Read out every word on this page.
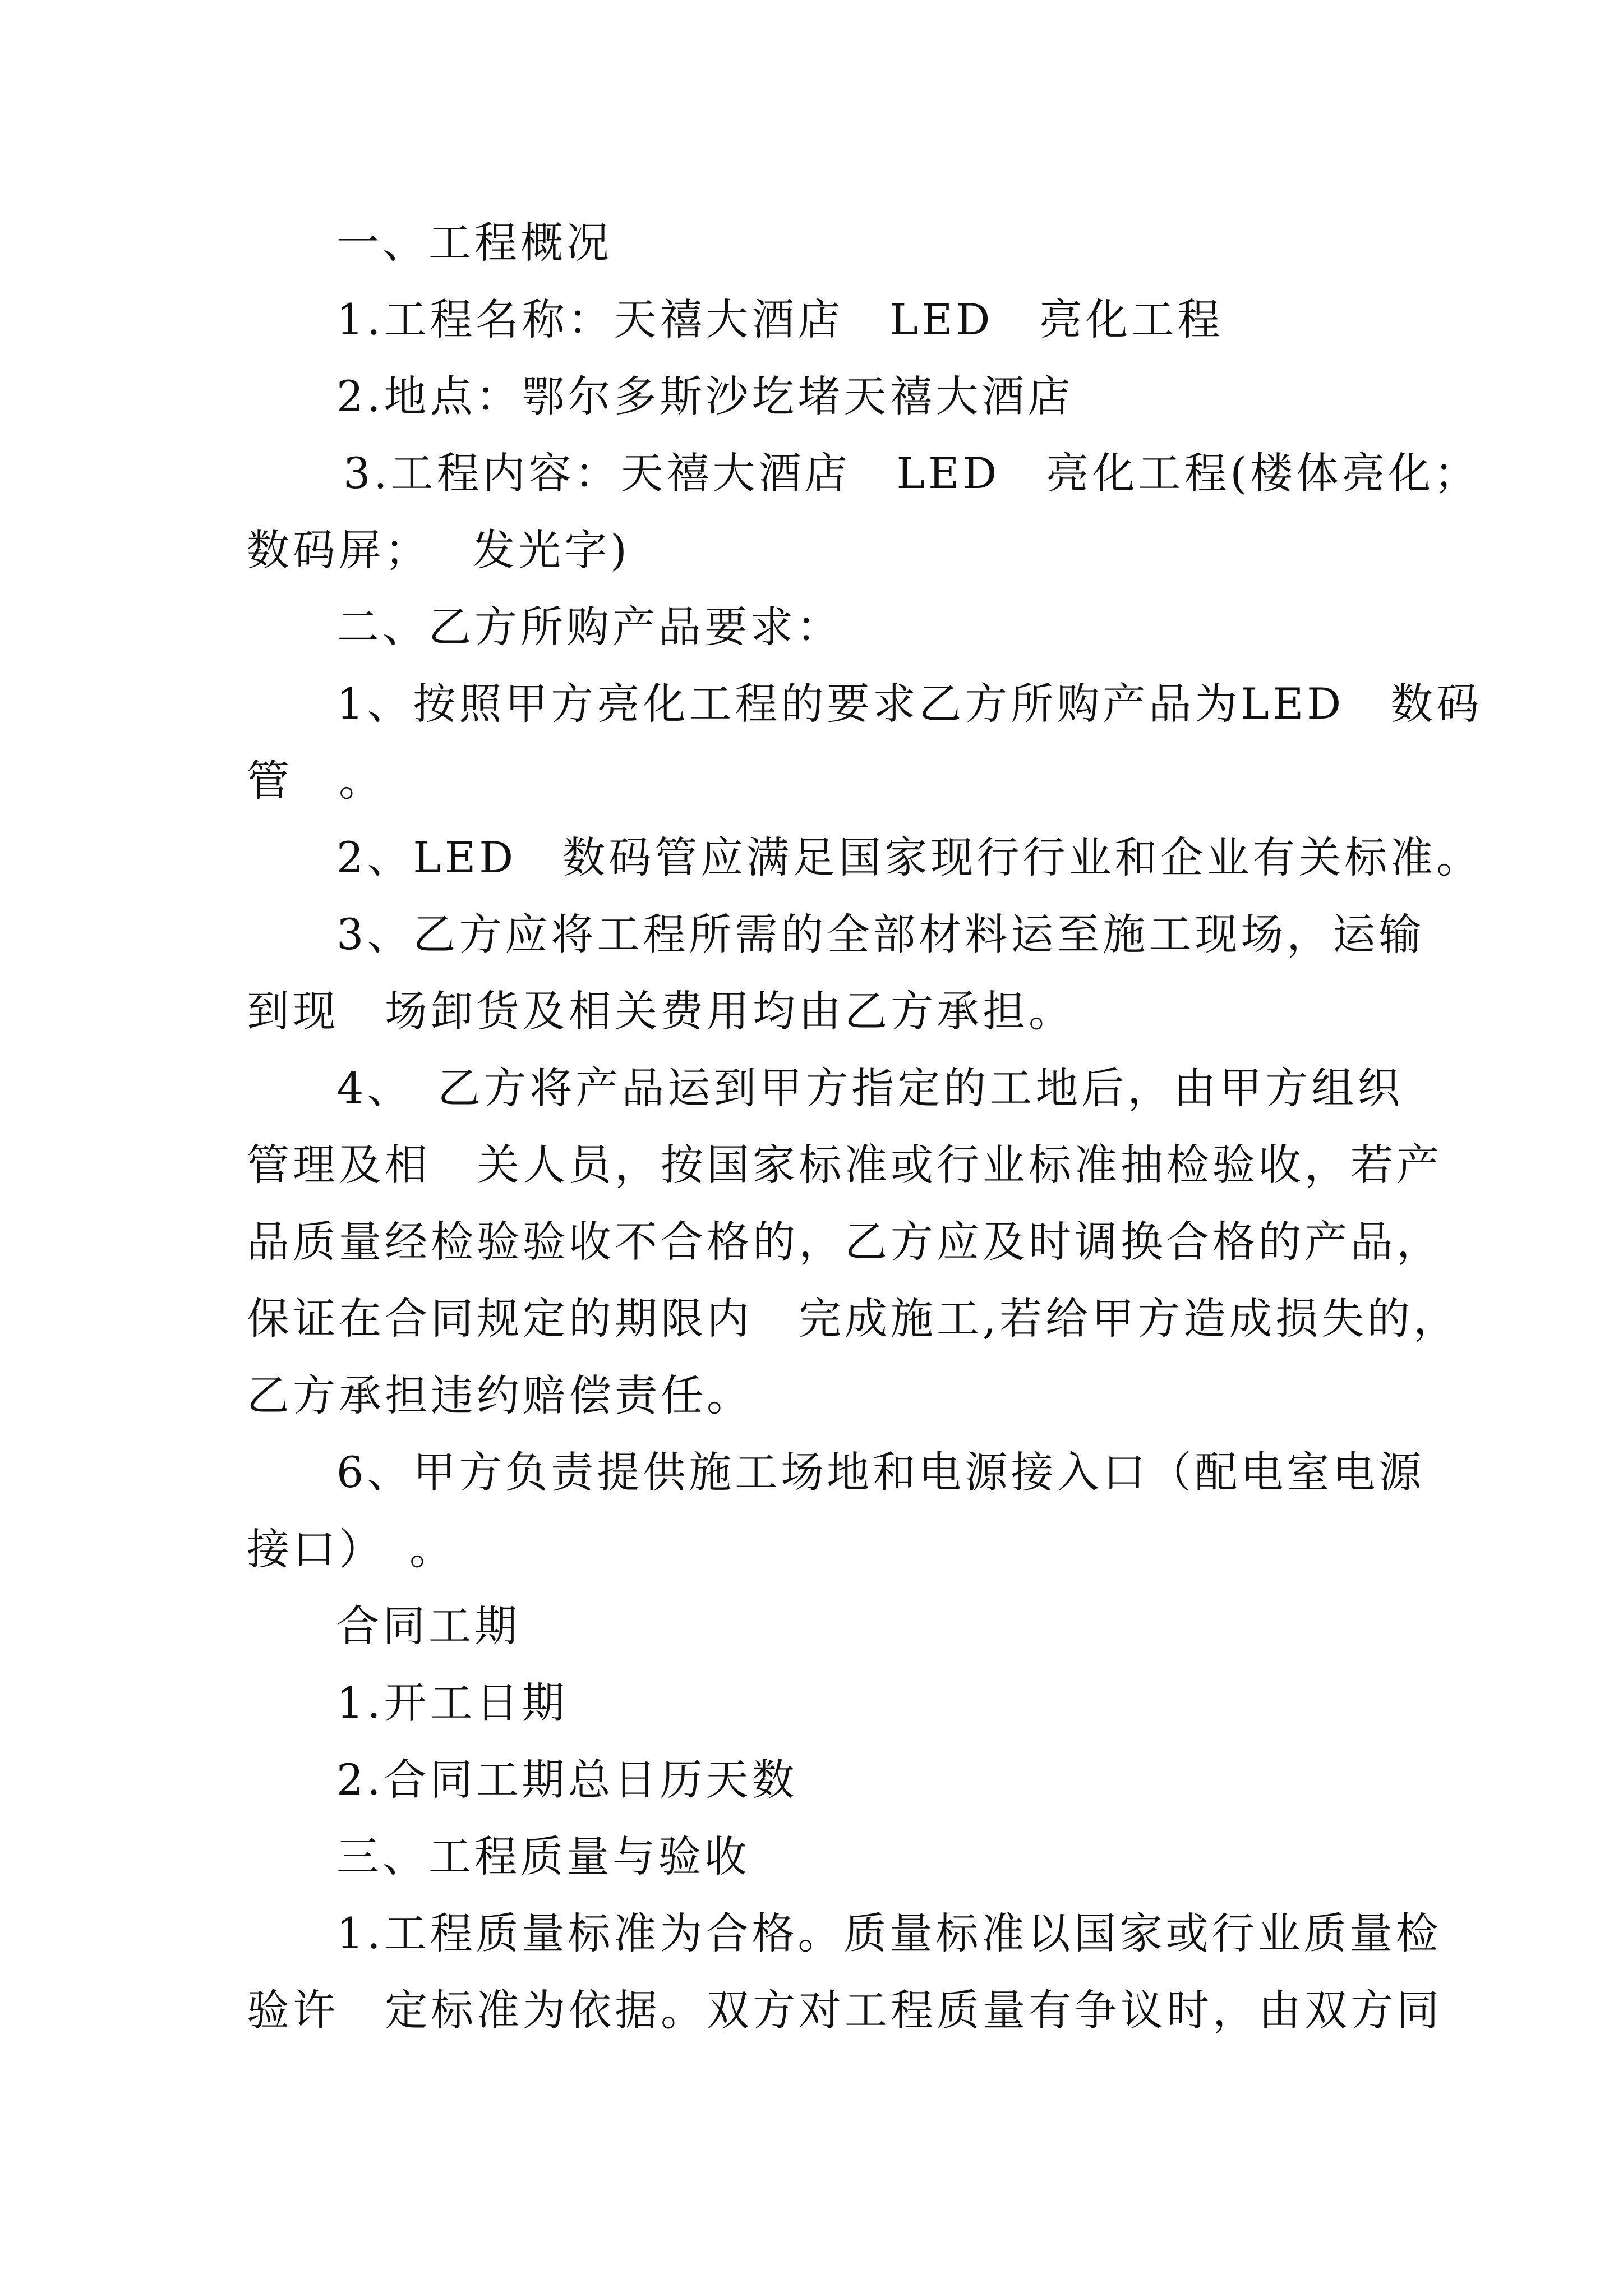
一、工程概况
1.工程名称：天禧大酒店　LED　亮化工程
2.地点：鄂尔多斯沙圪堵天禧大酒店
3.工程内容：天禧大酒店　LED　亮化工程(楼体亮化；
数码屏；　 发光字)
二、乙方所购产品要求：
1、按照甲方亮化工程的要求乙方所购产品为LED　数码
管　。
2、LED　数码管应满足国家现行行业和企业有关标准。
3、乙方应将工程所需的全部材料运至施工现场，运输
到现　场卸货及相关费用均由乙方承担。
4、　乙方将产品运到甲方指定的工地后，由甲方组织
管理及相　关人员，按国家标准或行业标准抽检验收，若产
品质量经检验验收不合格的，乙方应及时调换合格的产品，
保证在合同规定的期限内　完成施工,若给甲方造成损失的，
乙方承担违约赔偿责任。
6、甲方负责提供施工场地和电源接入口（配电室电源
接口）　。
合同工期
1.开工日期
2.合同工期总日历天数
三、工程质量与验收
1.工程质量标准为合格。质量标准以国家或行业质量检
验许　定标准为依据。双方对工程质量有争议时，由双方同
